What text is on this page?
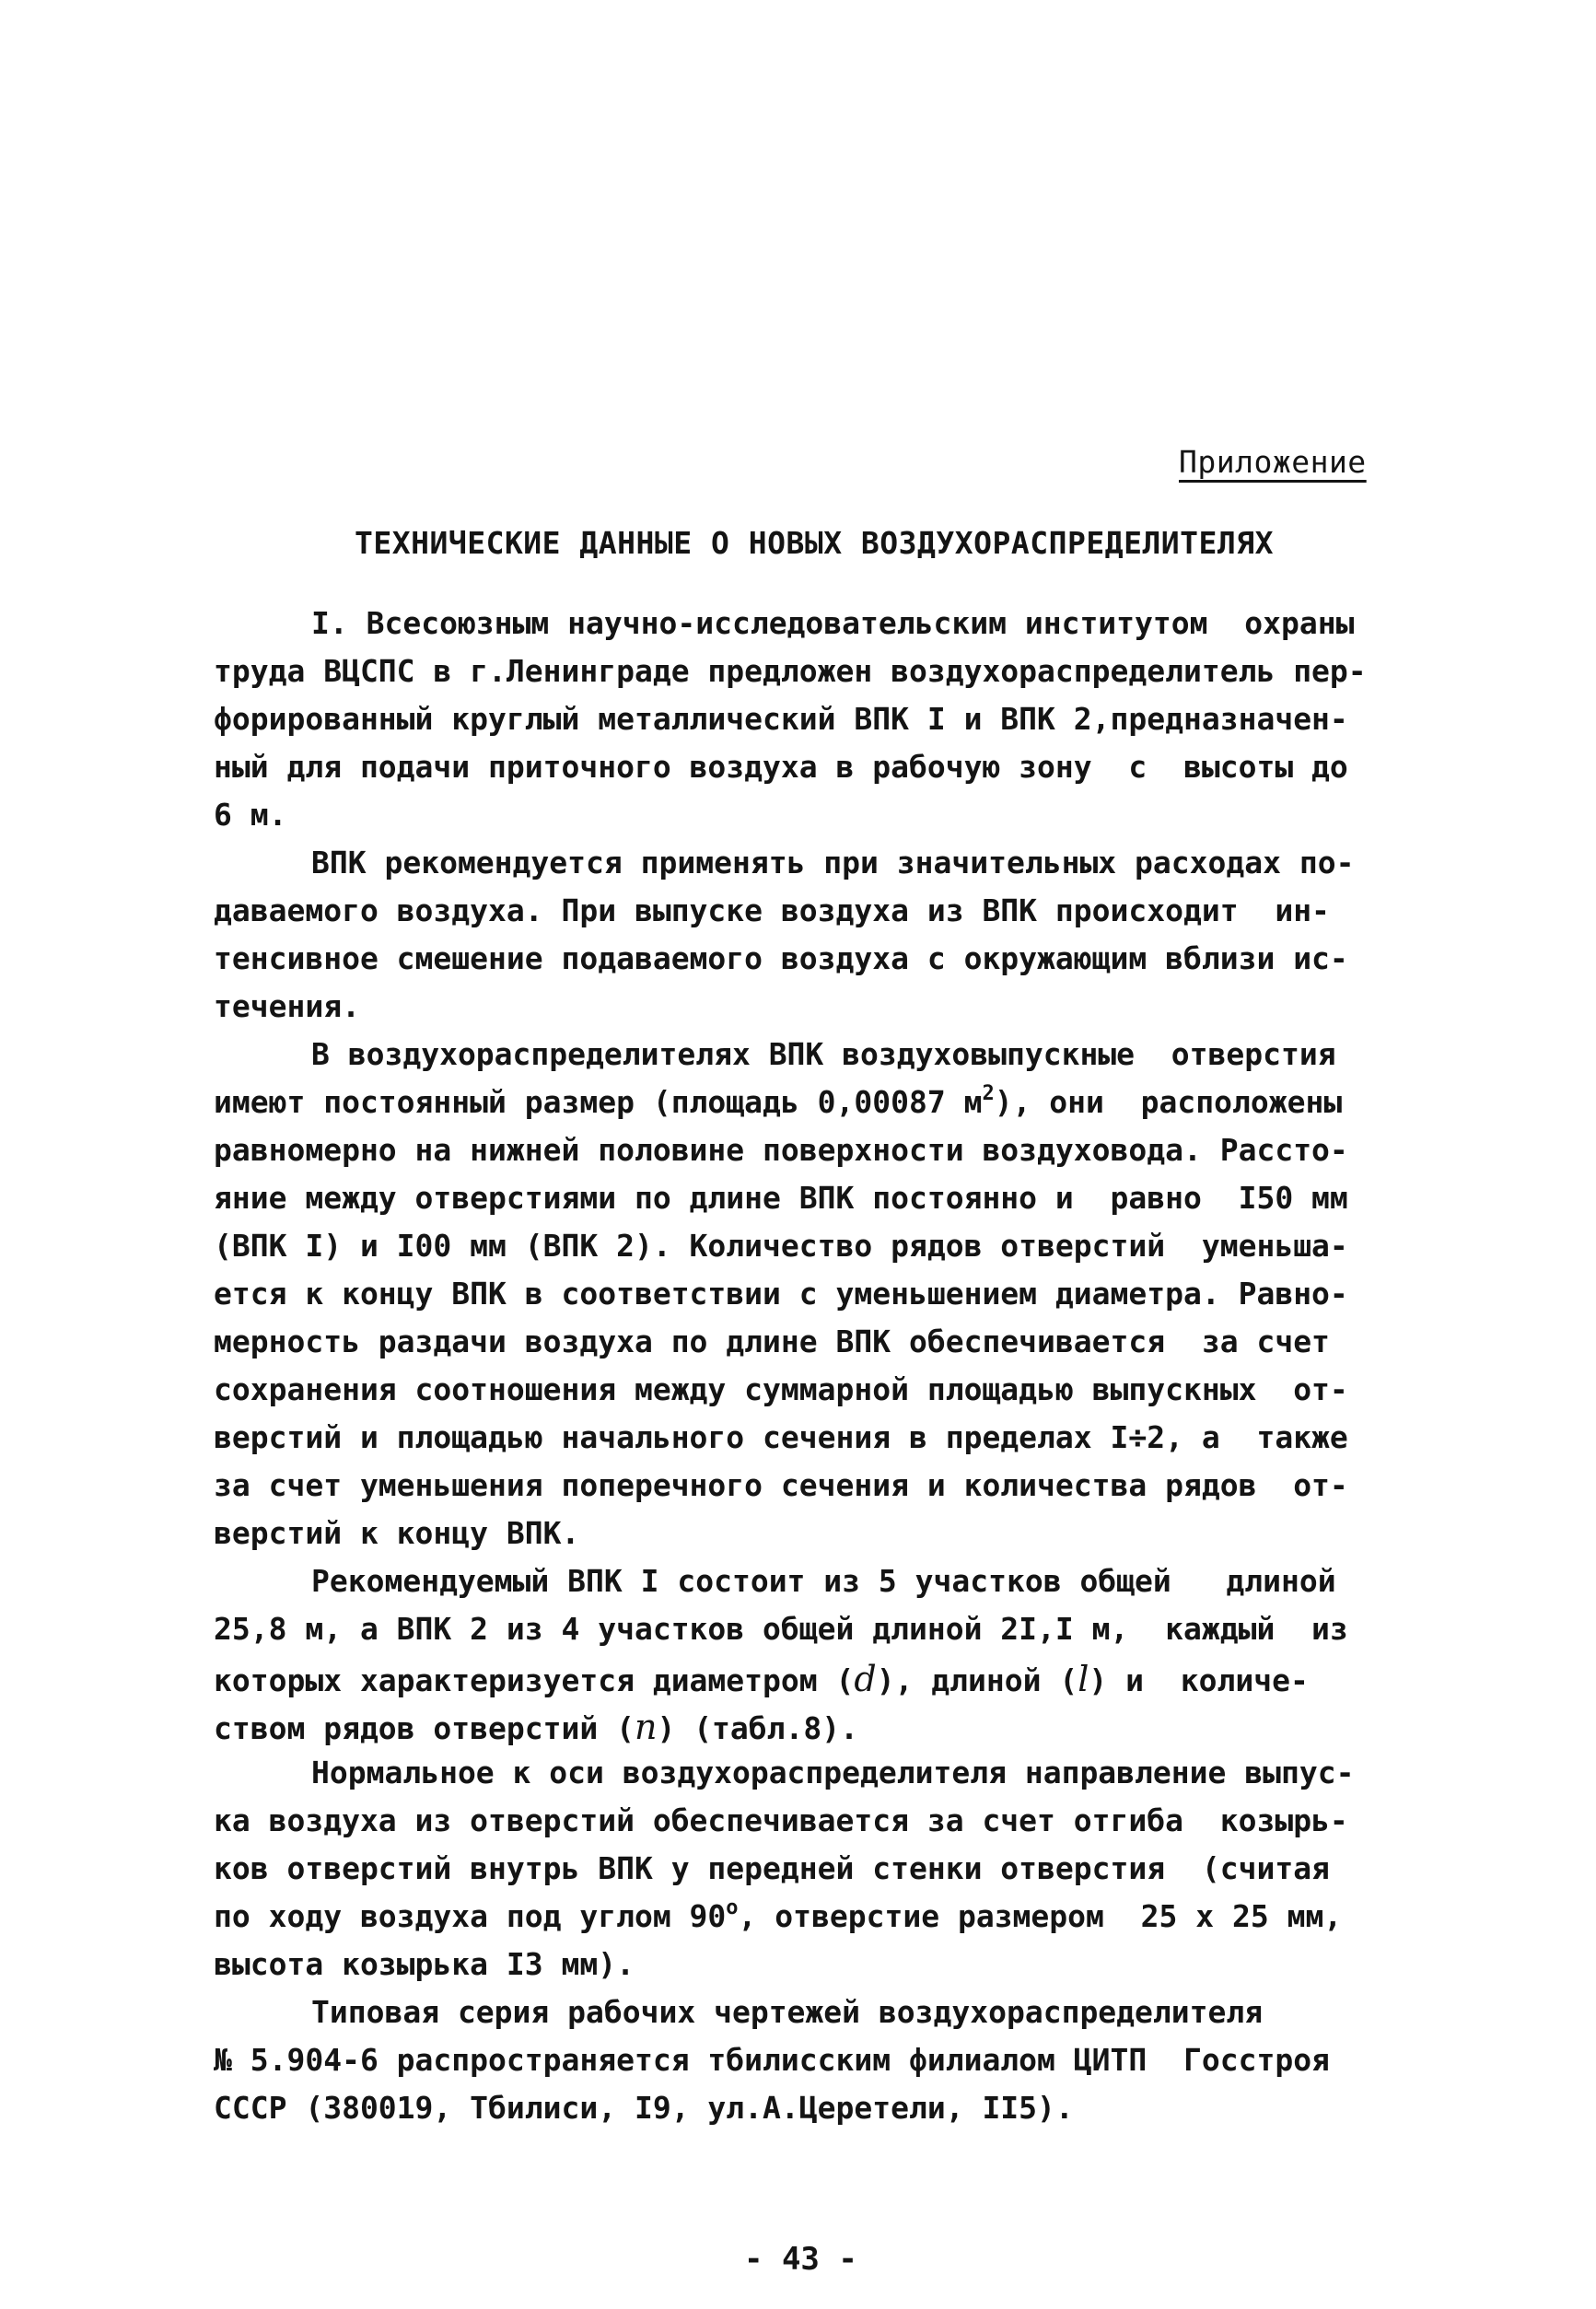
Приложение
ТЕХНИЧЕСКИЕ ДАННЫЕ О НОВЫХ ВОЗДУХОРАСПРЕДЕЛИТЕЛЯХ
I. Всесоюзным научно-исследовательским институтом  охраны
труда ВЦСПС в г.Ленинграде предложен воздухораспределитель пер-
форированный круглый металлический ВПК I и ВПК 2,предназначен-
ный для подачи приточного воздуха в рабочую зону  с  высоты до
6 м.
ВПК рекомендуется применять при значительных расходах по-
даваемого воздуха. При выпуске воздуха из ВПК происходит  ин-
тенсивное смешение подаваемого воздуха с окружающим вблизи ис-
течения.
В воздухораспределителях ВПК воздуховыпускные  отверстия
имеют постоянный размер (площадь 0,00087 $м^2$), они  расположены
равномерно на нижней половине поверхности воздуховода. Рассто-
яние между отверстиями по длине ВПК постоянно и  равно  I50 мм
(ВПК I) и I00 мм (ВПК 2). Количество рядов отверстий  уменьша-
ется к концу ВПК в соответствии с уменьшением диаметра. Равно-
мерность раздачи воздуха по длине ВПК обеспечивается  за счет
сохранения соотношения между суммарной площадью выпускных  от-
верстий и площадью начального сечения в пределах I÷2, а  также
за счет уменьшения поперечного сечения и количества рядов  от-
верстий к концу ВПК.
Рекомендуемый ВПК I состоит из 5 участков общей   длиной
25,8 м, а ВПК 2 из 4 участков общей длиной 2I,I м,  каждый  из
которых характеризуется диаметром (d), длиной (l) и  количе-
ством рядов отверстий (n) (табл.8).
Нормальное к оси воздухораспределителя направление выпус-
ка воздуха из отверстий обеспечивается за счет отгиба  козырь-
ков отверстий внутрь ВПК у передней стенки отверстия  (считая
по ходу воздуха под углом $90^о$, отверстие размером  25 х 25 мм,
высота козырька I3 мм).
Типовая серия рабочих чертежей воздухораспределителя
№ 5.904-6 распространяется тбилисским филиалом ЦИТП  Госстроя
СССР (380019, Тбилиси, I9, ул.А.Церетели, II5).
- 43 -
